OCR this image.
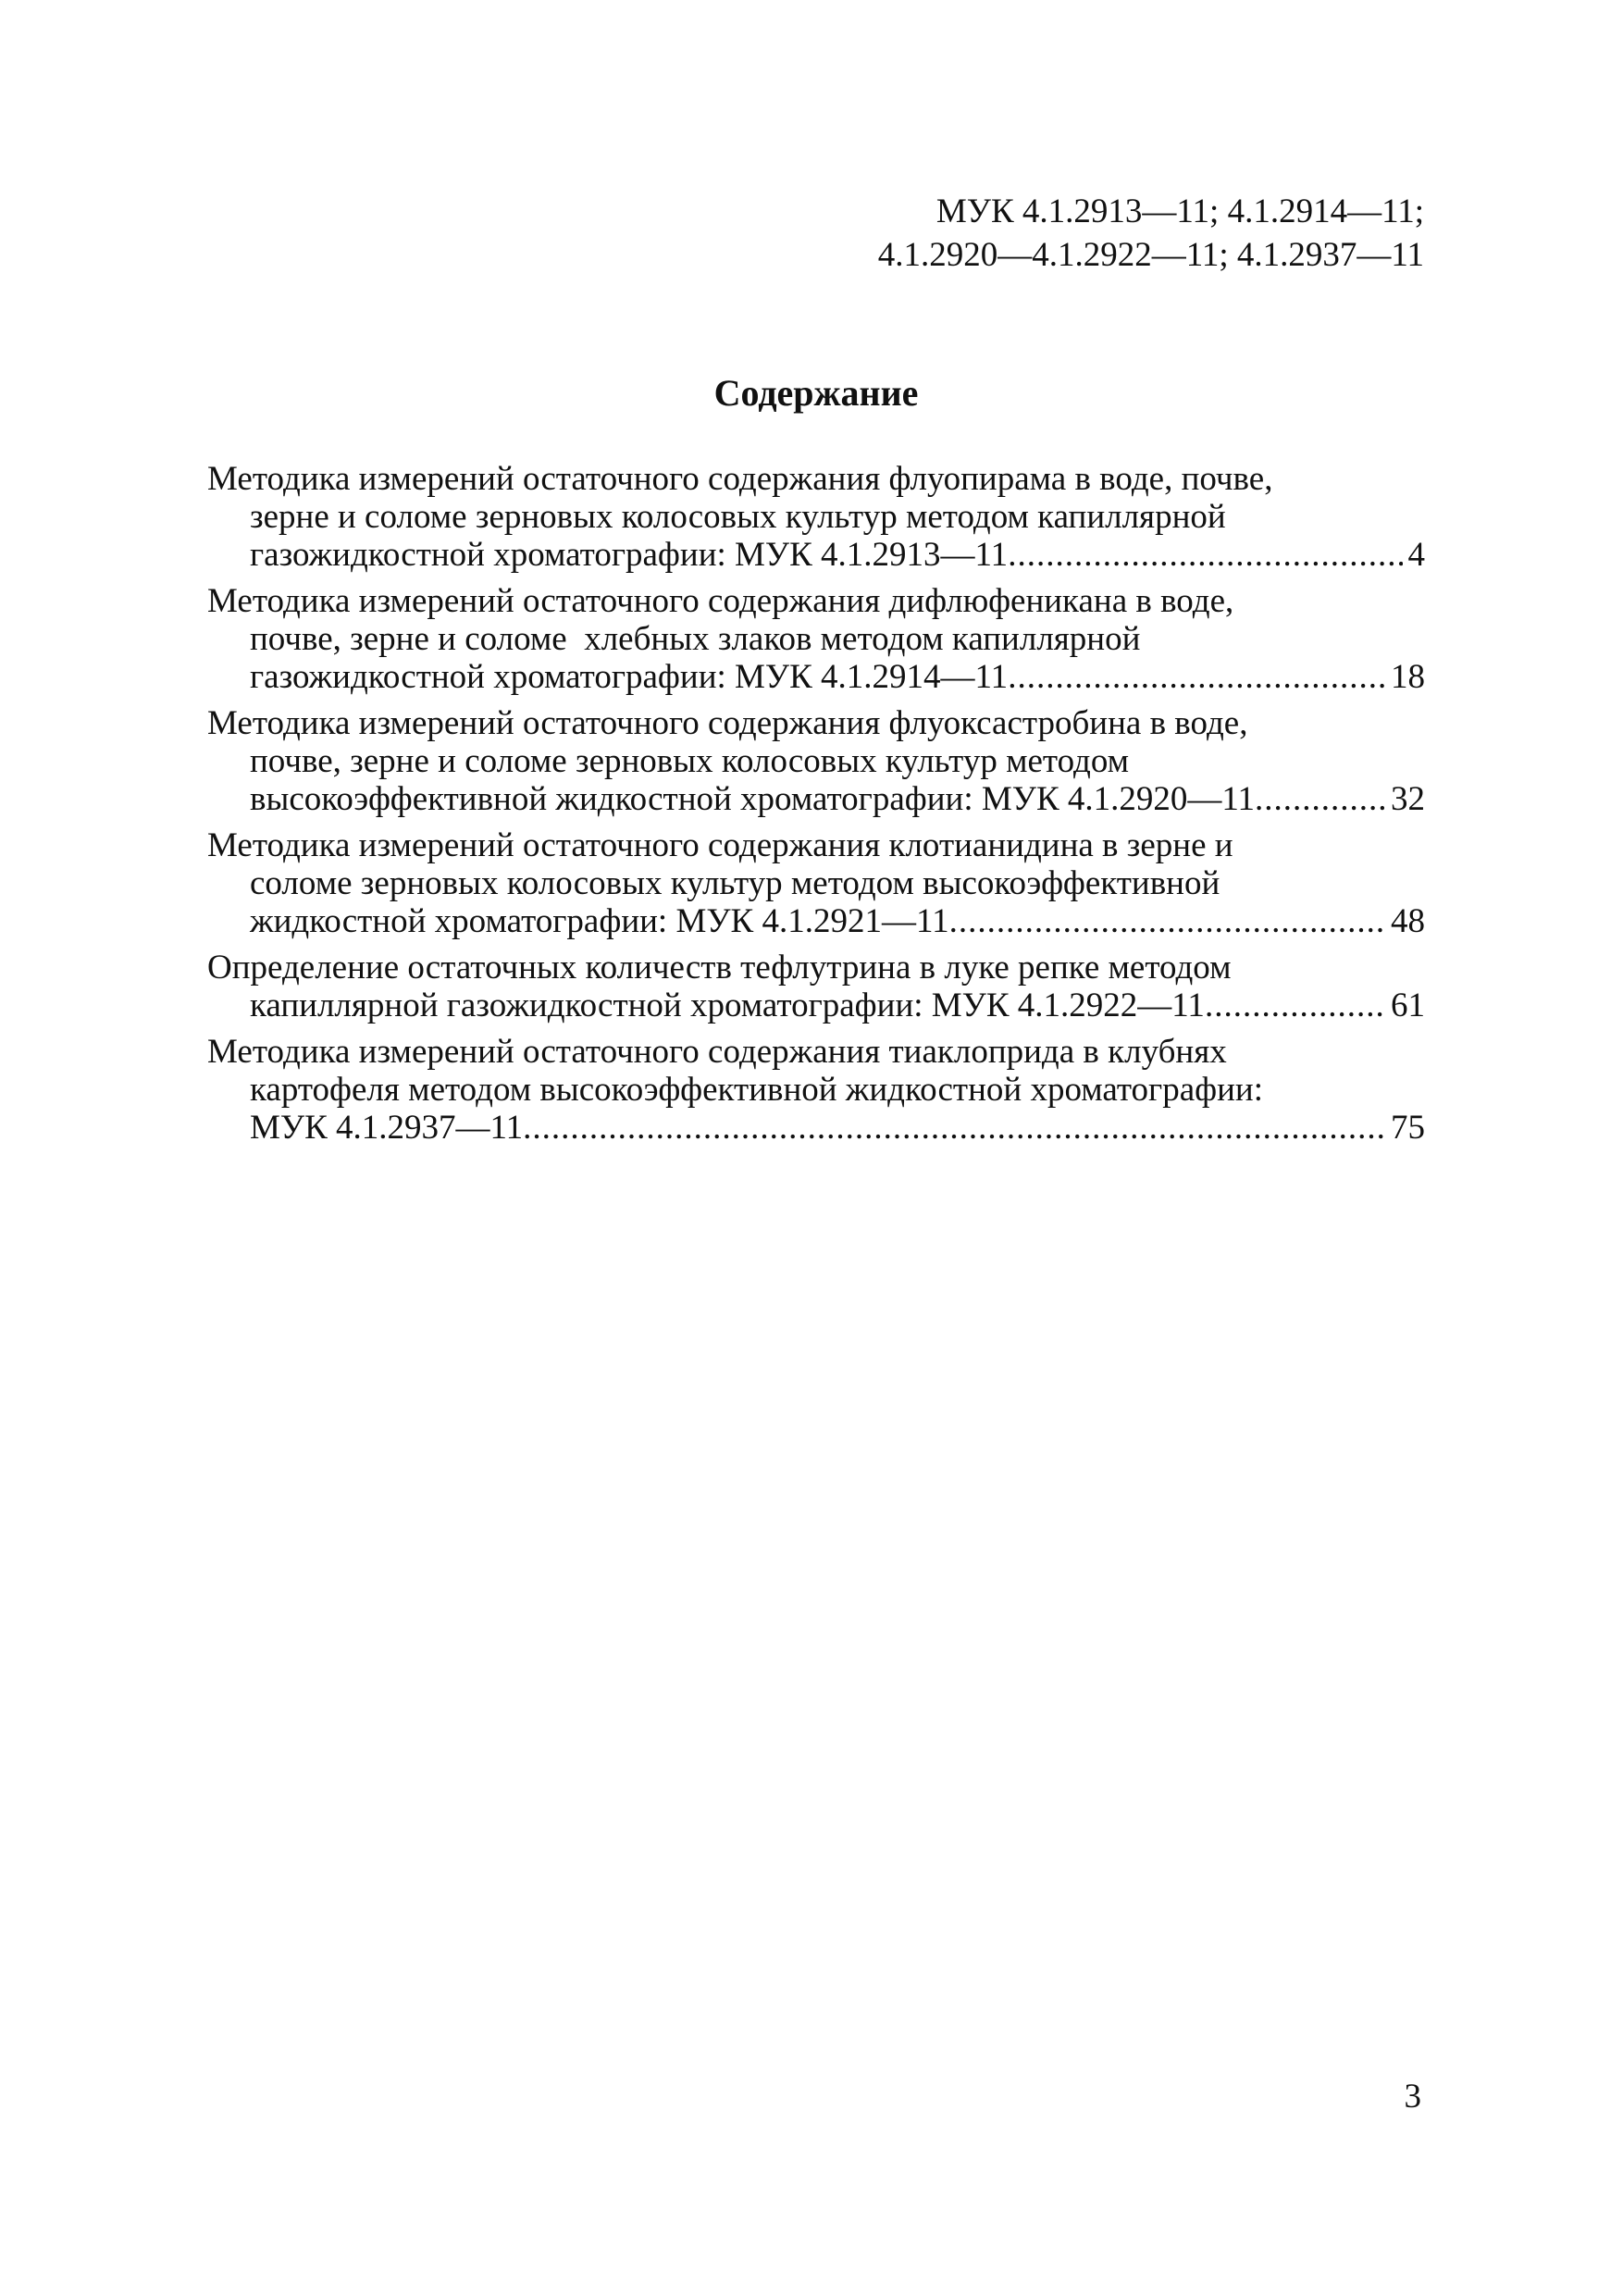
МУК 4.1.2913—11; 4.1.2914—11;
4.1.2920—4.1.2922—11; 4.1.2937—11
Содержание
Методика измерений остаточного содержания флуопирама в воде, почве,
зерне и соломе зерновых колосовых культур методом капиллярной
газожидкостной хроматографии: МУК 4.1.2913—11 .....	4
Методика измерений остаточного содержания дифлюфеникана в воде,
почве, зерне и соломе  хлебных злаков методом капиллярной
газожидкостной хроматографии: МУК 4.1.2914—11 .....	18
Методика измерений остаточного содержания флуоксастробина в воде,
почве, зерне и соломе зерновых колосовых культур методом
высокоэффективной жидкостной хроматографии: МУК 4.1.2920—11 .....	32
Методика измерений остаточного содержания клотианидина в зерне и
соломе зерновых колосовых культур методом высокоэффективной
жидкостной хроматографии: МУК 4.1.2921—11 .....	48
Определение остаточных количеств тефлутрина в луке репке методом
капиллярной газожидкостной хроматографии: МУК 4.1.2922—11 .....	61
Методика измерений остаточного содержания тиаклоприда в клубнях
картофеля методом высокоэффективной жидкостной хроматографии:
МУК 4.1.2937—11 .....	75
3
